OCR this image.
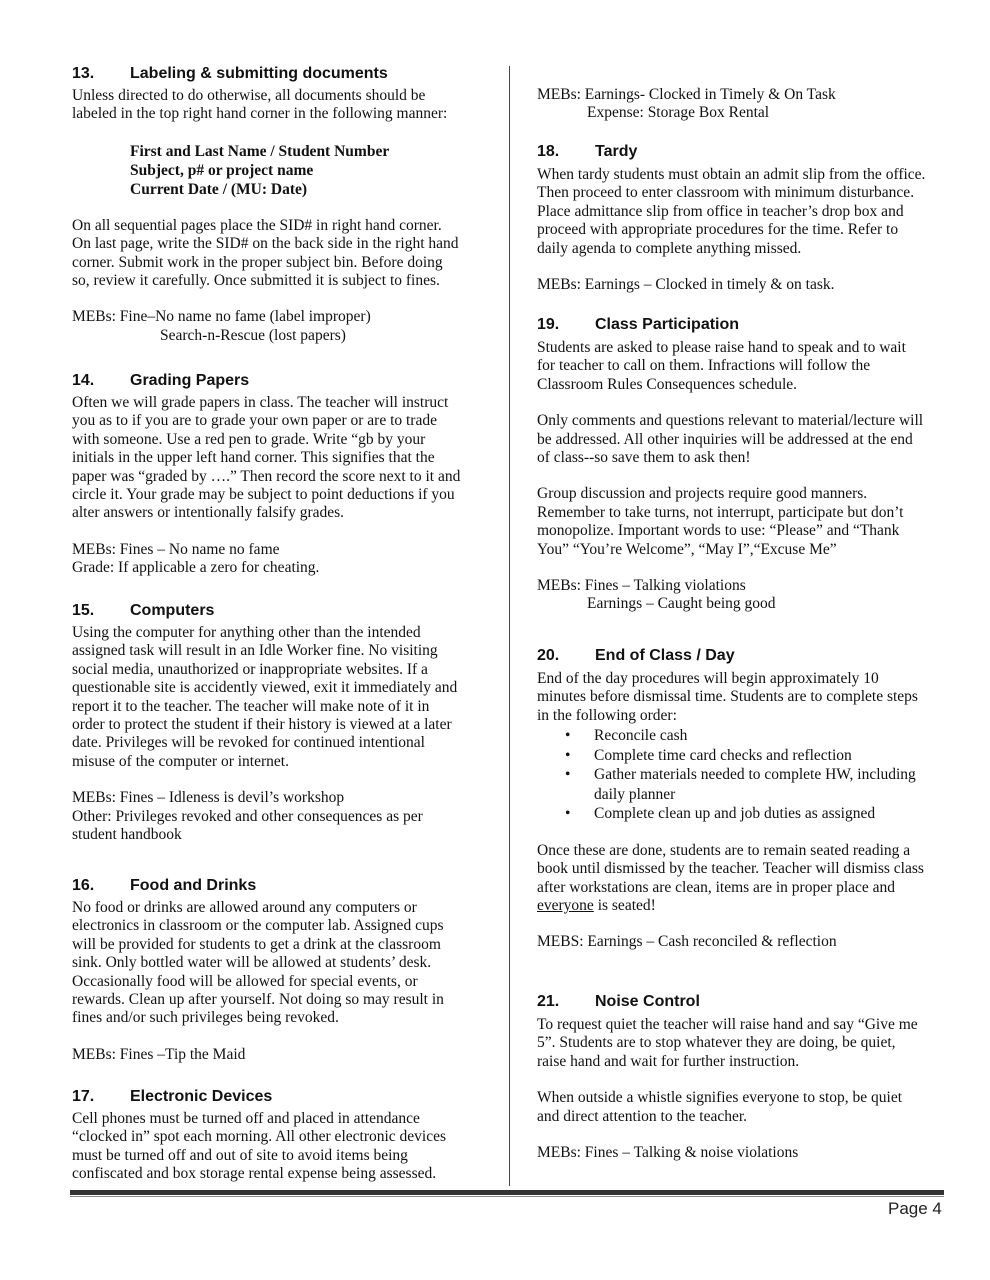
13. Labeling & submitting documents
Unless directed to do otherwise, all documents should be
labeled in the top right hand corner in the following manner:
First and Last Name / Student Number
Subject, p# or project name
Current Date / (MU: Date)
On all sequential pages place the SID# in right hand corner.
On last page, write the SID# on the back side in the right hand
corner. Submit work in the proper subject bin. Before doing
so, review it carefully. Once submitted it is subject to fines.
MEBs: Fine–No name no fame (label improper)
Search-n-Rescue (lost papers)
14. Grading Papers
Often we will grade papers in class. The teacher will instruct
you as to if you are to grade your own paper or are to trade
with someone. Use a red pen to grade. Write “gb by your
initials in the upper left hand corner. This signifies that the
paper was “graded by ….” Then record the score next to it and
circle it. Your grade may be subject to point deductions if you
alter answers or intentionally falsify grades.
MEBs: Fines – No name no fame
Grade: If applicable a zero for cheating.
15. Computers
Using the computer for anything other than the intended
assigned task will result in an Idle Worker fine. No visiting
social media, unauthorized or inappropriate websites. If a
questionable site is accidently viewed, exit it immediately and
report it to the teacher. The teacher will make note of it in
order to protect the student if their history is viewed at a later
date. Privileges will be revoked for continued intentional
misuse of the computer or internet.
MEBs: Fines – Idleness is devil’s workshop
Other: Privileges revoked and other consequences as per
student handbook
16. Food and Drinks
No food or drinks are allowed around any computers or
electronics in classroom or the computer lab. Assigned cups
will be provided for students to get a drink at the classroom
sink. Only bottled water will be allowed at students’ desk.
Occasionally food will be allowed for special events, or
rewards. Clean up after yourself. Not doing so may result in
fines and/or such privileges being revoked.
MEBs: Fines –Tip the Maid
17. Electronic Devices
Cell phones must be turned off and placed in attendance
“clocked in” spot each morning. All other electronic devices
must be turned off and out of site to avoid items being
confiscated and box storage rental expense being assessed.
MEBs: Earnings- Clocked in Timely & On Task
Expense: Storage Box Rental
18. Tardy
When tardy students must obtain an admit slip from the office.
Then proceed to enter classroom with minimum disturbance.
Place admittance slip from office in teacher’s drop box and
proceed with appropriate procedures for the time. Refer to
daily agenda to complete anything missed.
MEBs: Earnings – Clocked in timely & on task.
19. Class Participation
Students are asked to please raise hand to speak and to wait
for teacher to call on them. Infractions will follow the
Classroom Rules Consequences schedule.
Only comments and questions relevant to material/lecture will
be addressed. All other inquiries will be addressed at the end
of class--so save them to ask then!
Group discussion and projects require good manners.
Remember to take turns, not interrupt, participate but don’t
monopolize. Important words to use: “Please” and “Thank
You” “You’re Welcome”, “May I”,“Excuse Me”
MEBs: Fines – Talking violations
Earnings – Caught being good
20. End of Class / Day
End of the day procedures will begin approximately 10
minutes before dismissal time. Students are to complete steps
in the following order:
• Reconcile cash
• Complete time card checks and reflection
• Gather materials needed to complete HW, including
daily planner
• Complete clean up and job duties as assigned
Once these are done, students are to remain seated reading a
book until dismissed by the teacher. Teacher will dismiss class
after workstations are clean, items are in proper place and
everyone is seated!
MEBS: Earnings – Cash reconciled & reflection
21. Noise Control
To request quiet the teacher will raise hand and say “Give me
5”. Students are to stop whatever they are doing, be quiet,
raise hand and wait for further instruction.
When outside a whistle signifies everyone to stop, be quiet
and direct attention to the teacher.
MEBs: Fines – Talking & noise violations
Page 4
